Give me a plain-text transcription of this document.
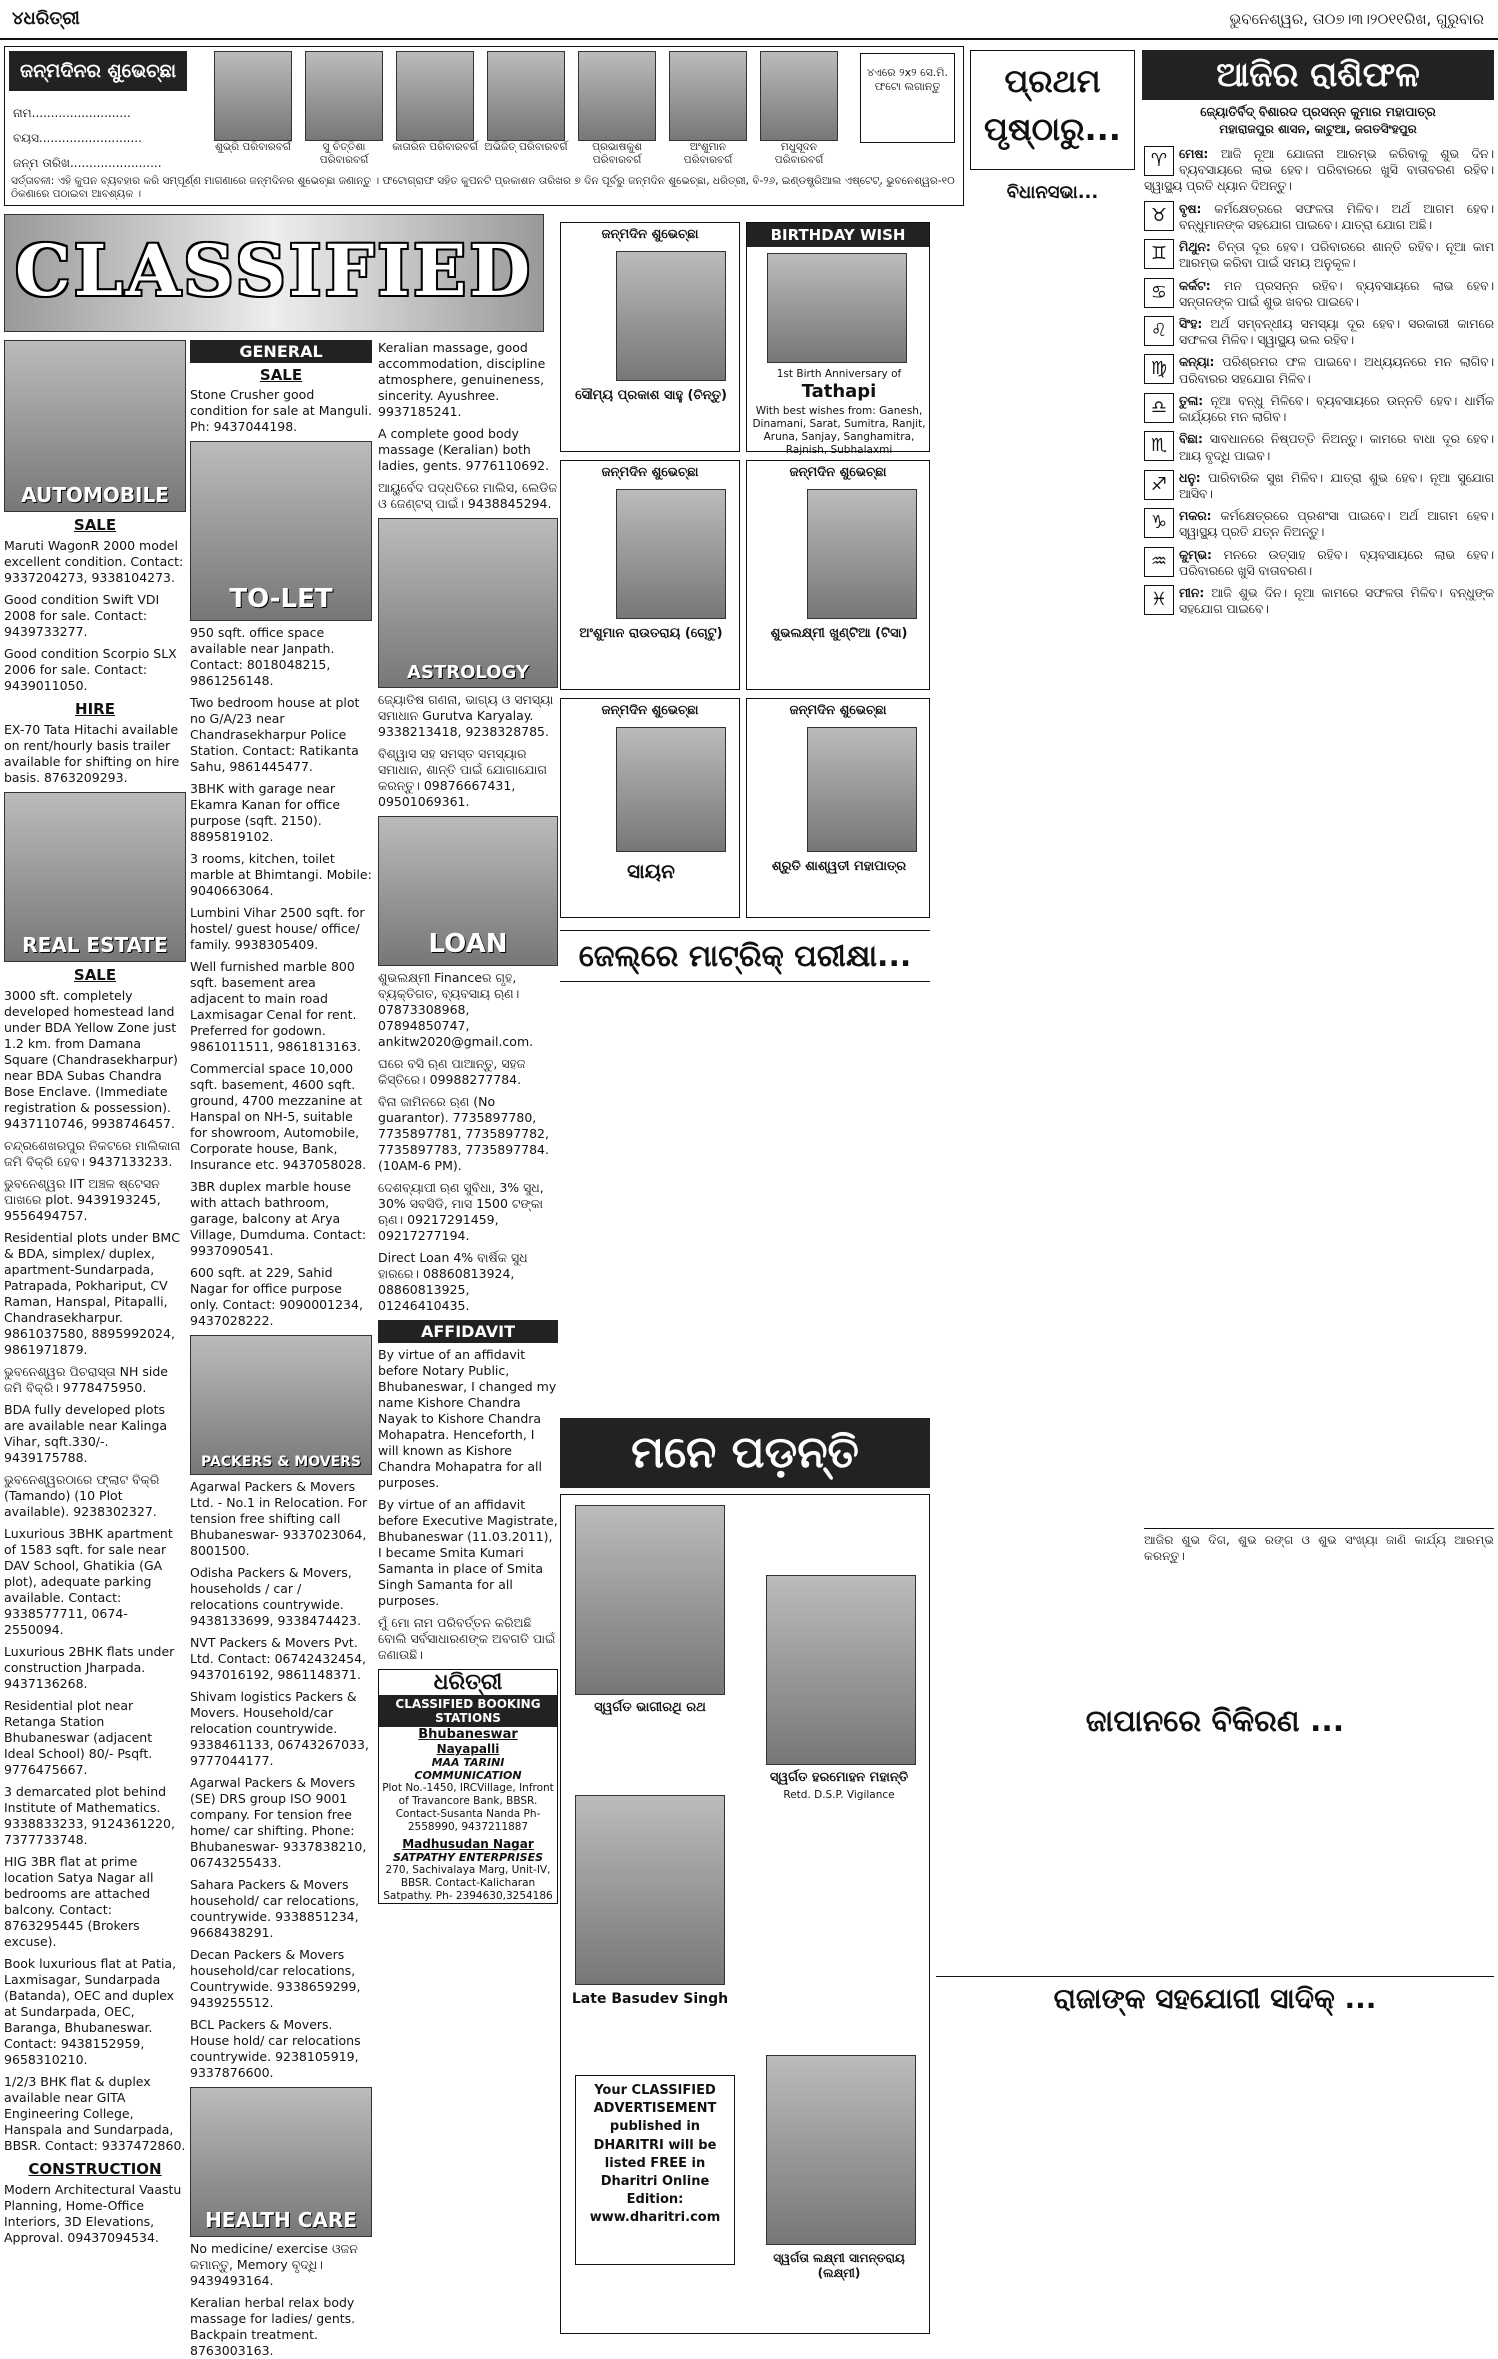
୪ଧରିତ୍ରୀ	ଭୁବନେଶ୍ୱର, ତା୦୭।୩।୨୦୧୧ରିଖ, ଗୁରୁବାର
ଜନ୍ମଦିନର ଶୁଭେଚ୍ଛା
ନାମ..........................
ବୟସ...........................
ଜନ୍ମ ତାରିଖ........................
ଶୁଭ୍ରି ପରିବାରବର୍ଗ	ସୁ ଚିତ୍ତିଶା ପରିବାରବର୍ଗ
କାତାରିନ ପରିବାରବର୍ଗ ଅଭିଜିତ୍ ପରିବାରବର୍ଗ	ପ୍ରଭାଷକୁଶ ପରିବାରବର୍ଗ
ଅଂଶୁମାନ ପରିବାରବର୍ଗ
ମଧୁସୂଦନ ପରିବାରବର୍ଗ
୪ଏରେ ୨x୨ ସେ.ମି. ଫଟୋ ଲଗାନ୍ତୁ
ସର୍ତ୍ତାବଳୀ: ଏହି କୁପନ ବ୍ୟବହାର କରି ସମ୍ପୂର୍ଣ୍ଣ ମାଗଣାରେ ଜନ୍ମଦିନର ଶୁଭେଚ୍ଛା ଜଣାନ୍ତୁ । ଫଟୋଗ୍ରାଫ ସହିତ କୁପନଟି ପ୍ରକାଶନ ତାରିଖର ୭ ଦିନ ପୂର୍ବରୁ ଜନ୍ମଦିନ ଶୁଭେଚ୍ଛା, ଧରିତ୍ରୀ, ବି-୨୬, ଇଣ୍ଡଷ୍ଟ୍ରିଆଲ ଏଷ୍ଟେଟ୍, ଭୁବନେଶ୍ୱର-୧୦ ଠିକଣାରେ ପଠାଇବା ଆବଶ୍ୟକ ।
ପ୍ରଥମ ପୃଷ୍ଠାରୁ...
ବିଧାନସଭା...
ଆଜିର ରାଶିଫଳ
ଜ୍ୟୋତିର୍ବିଦ୍ ବିଶାରଦ ପ୍ରସନ୍ନ କୁମାର ମହାପାତ୍ର
ମହାରାଜପୁର ଶାସନ, କାଟୁଆ, ଜଗତସିଂହପୁର
♈ ମେଷ: ଆଜି ନୂଆ ଯୋଜନା ଆରମ୍ଭ କରିବାକୁ ଶୁଭ ଦିନ। ବ୍ୟବସାୟରେ ଲାଭ ହେବ। ପରିବାରରେ ଖୁସି ବାତାବରଣ ରହିବ। ସ୍ୱାସ୍ଥ୍ୟ ପ୍ରତି ଧ୍ୟାନ ଦିଅନ୍ତୁ।
♉ ବୃଷ: କର୍ମକ୍ଷେତ୍ରରେ ସଫଳତା ମିଳିବ। ଅର୍ଥ ଆଗମ ହେବ। ବନ୍ଧୁମାନଙ୍କ ସହଯୋଗ ପାଇବେ। ଯାତ୍ରା ଯୋଗ ଅଛି।
♊ ମିଥୁନ: ଚିନ୍ତା ଦୂର ହେବ। ପରିବାରରେ ଶାନ୍ତି ରହିବ। ନୂଆ କାମ ଆରମ୍ଭ କରିବା ପାଇଁ ସମୟ ଅନୁକୂଳ।
♋ କର୍କଟ: ମନ ପ୍ରସନ୍ନ ରହିବ। ବ୍ୟବସାୟରେ ଲାଭ ହେବ। ସନ୍ତାନଙ୍କ ପାଇଁ ଶୁଭ ଖବର ପାଇବେ।
♌ ସିଂହ: ଅର୍ଥ ସମ୍ବନ୍ଧୀୟ ସମସ୍ୟା ଦୂର ହେବ। ସରକାରୀ କାମରେ ସଫଳତା ମିଳିବ। ସ୍ୱାସ୍ଥ୍ୟ ଭଲ ରହିବ।
♍ କନ୍ୟା: ପରିଶ୍ରମର ଫଳ ପାଇବେ। ଅଧ୍ୟୟନରେ ମନ ଲାଗିବ। ପରିବାରର ସହଯୋଗ ମିଳିବ।
♎ ତୁଳା: ନୂଆ ବନ୍ଧୁ ମିଳିବେ। ବ୍ୟବସାୟରେ ଉନ୍ନତି ହେବ। ଧାର୍ମିକ କାର୍ଯ୍ୟରେ ମନ ଲାଗିବ।
♏ ବିଛା: ସାବଧାନରେ ନିଷ୍ପତ୍ତି ନିଅନ୍ତୁ। କାମରେ ବାଧା ଦୂର ହେବ। ଆୟ ବୃଦ୍ଧି ପାଇବ।
♐ ଧନୁ: ପାରିବାରିକ ସୁଖ ମିଳିବ। ଯାତ୍ରା ଶୁଭ ହେବ। ନୂଆ ସୁଯୋଗ ଆସିବ।
♑ ମକର: କର୍ମକ୍ଷେତ୍ରରେ ପ୍ରଶଂସା ପାଇବେ। ଅର୍ଥ ଆଗମ ହେବ। ସ୍ୱାସ୍ଥ୍ୟ ପ୍ରତି ଯତ୍ନ ନିଅନ୍ତୁ।
♒ କୁମ୍ଭ: ମନରେ ଉତ୍ସାହ ରହିବ। ବ୍ୟବସାୟରେ ଲାଭ ହେବ। ପରିବାରରେ ଖୁସି ବାତାବରଣ।
♓ ମୀନ: ଆଜି ଶୁଭ ଦିନ। ନୂଆ କାମରେ ସଫଳତା ମିଳିବ। ବନ୍ଧୁଙ୍କ ସହଯୋଗ ପାଇବେ।
ଆଜିର ଶୁଭ ଦିଗ, ଶୁଭ ରଙ୍ଗ ଓ ଶୁଭ ସଂଖ୍ୟା ଜାଣି କାର୍ଯ୍ୟ ଆରମ୍ଭ କରନ୍ତୁ।
CLASSIFIED
AUTOMOBILE
SALE
Maruti WagonR 2000 model excellent condition. Contact: 9337204273, 9338104273.
Good condition Swift VDI 2008 for sale. Contact: 9439733277.
Good condition Scorpio SLX 2006 for sale. Contact: 9439011050.
HIRE
EX-70 Tata Hitachi available on rent/hourly basis trailer available for shifting on hire basis. 8763209293.
REAL ESTATE
SALE
3000 sft. completely developed homestead land under BDA Yellow Zone just 1.2 km. from Damana Square (Chandrasekharpur) near BDA Subas Chandra Bose Enclave. (Immediate registration & possession). 9437110746, 9938746457.
ଚନ୍ଦ୍ରଶେଖରପୁର ନିକଟରେ ମାଲିକାନା ଜମି ବିକ୍ରି ହେବ। 9437133233.
ଭୁବନେଶ୍ୱର IIT ଅଞ୍ଚଳ ଷ୍ଟେସନ ପାଖରେ plot. 9439193245, 9556494757.
Residential plots under BMC & BDA, simplex/ duplex, apartment-Sundarpada, Patrapada, Pokhariput, CV Raman, Hanspal, Pitapalli, Chandrasekharpur. 9861037580, 8895992024, 9861971879.
ଭୁବନେଶ୍ୱର ପିଚରାସ୍ତା NH side ଜମି ବିକ୍ରି। 9778475950.
BDA fully developed plots are available near Kalinga Vihar, sqft.330/-. 9439175788.
ଭୁବନେଶ୍ୱରଠାରେ ଫ୍ଲାଟ ବିକ୍ରି (Tamando) (10 Plot available). 9238302327.
Luxurious 3BHK apartment of 1583 sqft. for sale near DAV School, Ghatikia (GA plot), adequate parking available. Contact: 9338577711, 0674-2550094.
Luxurious 2BHK flats under construction Jharpada. 9437136268.
Residential plot near Retanga Station Bhubaneswar (adjacent Ideal School) 80/- Psqft. 9776475667.
3 demarcated plot behind Institute of Mathematics. 9338833233, 9124361220, 7377733748.
HIG 3BR flat at prime location Satya Nagar all bedrooms are attached balcony. Contact: 8763295445 (Brokers excuse).
Book luxurious flat at Patia, Laxmisagar, Sundarpada (Batanda), OEC and duplex at Sundarpada, OEC, Baranga, Bhubaneswar. Contact: 9438152959, 9658310210.
1/2/3 BHK flat & duplex available near GITA Engineering College, Hanspala and Sundarpada, BBSR. Contact: 9337472860.
CONSTRUCTION
Modern Architectural Vaastu Planning, Home-Office Interiors, 3D Elevations, Approval. 09437094534.
GENERAL
SALE
Stone Crusher good condition for sale at Manguli. Ph: 9437044198.
TO-LET
950 sqft. office space available near Janpath. Contact: 8018048215, 9861256148.
Two bedroom house at plot no G/A/23 near Chandrasekharpur Police Station. Contact: Ratikanta Sahu, 9861445477.
3BHK with garage near Ekamra Kanan for office purpose (sqft. 2150). 8895819102.
3 rooms, kitchen, toilet marble at Bhimtangi. Mobile: 9040663064.
Lumbini Vihar 2500 sqft. for hostel/ guest house/ office/ family. 9938305409.
Well furnished marble 800 sqft. basement area adjacent to main road Laxmisagar Cenal for rent. Preferred for godown. 9861011511, 9861813163.
Commercial space 10,000 sqft. basement, 4600 sqft. ground, 4700 mezzanine at Hanspal on NH-5, suitable for showroom, Automobile, Corporate house, Bank, Insurance etc. 9437058028.
3BR duplex marble house with attach bathroom, garage, balcony at Arya Village, Dumduma. Contact: 9937090541.
600 sqft. at 229, Sahid Nagar for office purpose only. Contact: 9090001234, 9437028222.
PACKERS & MOVERS
Agarwal Packers & Movers Ltd. - No.1 in Relocation. For tension free shifting call Bhubaneswar- 9337023064, 8001500.
Odisha Packers & Movers, households / car / relocations countrywide. 9438133699, 9338474423.
NVT Packers & Movers Pvt. Ltd. Contact: 06742432454, 9437016192, 9861148371.
Shivam logistics Packers & Movers. Household/car relocation countrywide. 9338461133, 06743267033, 9777044177.
Agarwal Packers & Movers (SE) DRS group ISO 9001 company. For tension free home/ car shifting. Phone: Bhubaneswar- 9337838210, 06743255433.
Sahara Packers & Movers household/ car relocations, countrywide. 9338851234, 9668438291.
Decan Packers & Movers household/car relocations, Countrywide. 9338659299, 9439255512.
BCL Packers & Movers. House hold/ car relocations countrywide. 9238105919, 9337876600.
HEALTH CARE
No medicine/ exercise ଓଜନ କମାନ୍ତୁ, Memory ବୃଦ୍ଧି। 9439493164.
Keralian herbal relax body massage for ladies/ gents. Backpain treatment. 8763003163.
Keralian massage, good accommodation, discipline atmosphere, genuineness, sincerity. Ayushree. 9937185241.
A complete good body massage (Keralian) both ladies, gents. 9776110692.
ଆୟୁର୍ବେଦ ପଦ୍ଧତିରେ ମାଲିସ, ଲେଡିଜ ଓ ଜେଣ୍ଟସ୍ ପାଇଁ। 9438845294.
ASTROLOGY
ଜ୍ୟୋତିଷ ଗଣନା, ଭାଗ୍ୟ ଓ ସମସ୍ୟା ସମାଧାନ Gurutva Karyalay. 9338213418, 9238328785.
ବିଶ୍ୱାସ ସହ ସମସ୍ତ ସମସ୍ୟାର ସମାଧାନ, ଶାନ୍ତି ପାଇଁ ଯୋଗାଯୋଗ କରନ୍ତୁ। 09876667431, 09501069361.
LOAN
ଶୁଭଲକ୍ଷ୍ମୀ Financeର ଗୃହ, ବ୍ୟକ୍ତିଗତ, ବ୍ୟବସାୟ ଋଣ। 07873308968, 07894850747, ankitw2020@gmail.com.
ଘରେ ବସି ଋଣ ପାଆନ୍ତୁ, ସହଜ କିସ୍ତିରେ। 09988277784.
ବିନା ଜାମିନରେ ଋଣ (No guarantor). 7735897780, 7735897781, 7735897782, 7735897783, 7735897784. (10AM-6 PM).
ଦେଶବ୍ୟାପୀ ଋଣ ସୁବିଧା, 3% ସୁଧ, 30% ସବସିଡି, ମାସ 1500 ଟଙ୍କା ଋଣ। 09217291459, 09217277194.
Direct Loan 4% ବାର୍ଷିକ ସୁଧ ହାରରେ। 08860813924, 08860813925, 01246410435.
AFFIDAVIT
By virtue of an affidavit before Notary Public, Bhubaneswar, I changed my name Kishore Chandra Nayak to Kishore Chandra Mohapatra. Henceforth, I will known as Kishore Chandra Mohapatra for all purposes.
By virtue of an affidavit before Executive Magistrate, Bhubaneswar (11.03.2011), I became Smita Kumari Samanta in place of Smita Singh Samanta for all purposes.
ମୁଁ ମୋ ନାମ ପରିବର୍ତ୍ତନ କରିଅଛି ବୋଲି ସର୍ବସାଧାରଣଙ୍କ ଅବଗତି ପାଇଁ ଜଣାଉଛି।
ଧରିତ୍ରୀ
CLASSIFIED BOOKING STATIONS
Bhubaneswar
Nayapalli
MAA TARINI COMMUNICATION
Plot No.-1450, IRCVillage, Infront of Travancore Bank, BBSR. Contact-Susanta Nanda Ph-2558990, 9437211887
Madhusudan Nagar
SATPATHY ENTERPRISES
270, Sachivalaya Marg, Unit-IV, BBSR. Contact-Kalicharan Satpathy. Ph- 2394630,3254186
ଜନ୍ମଦିନ ଶୁଭେଚ୍ଛା
ସୌମ୍ୟ ପ୍ରକାଶ ସାହୁ (ଚିନ୍ତୁ)
BIRTHDAY WISH
1st Birth Anniversary of
Tathapi
With best wishes from: Ganesh, Dinamani, Sarat, Sumitra, Ranjit, Aruna, Sanjay, Sanghamitra, Rajnish, Subhalaxmi
ଜନ୍ମଦିନ ଶୁଭେଚ୍ଛା
ଅଂଶୁମାନ ରାଉତରାୟ (ଚୋଟୁ)
ଜନ୍ମଦିନ ଶୁଭେଚ୍ଛା
ଶୁଭଲକ୍ଷ୍ମୀ ଖୁଣ୍ଟିଆ (ଟିସା)
ଜନ୍ମଦିନ ଶୁଭେଚ୍ଛା
ସାୟନ
ଜନ୍ମଦିନ ଶୁଭେଚ୍ଛା
ଶ୍ରୁତି ଶାଶ୍ୱତୀ ମହାପାତ୍ର
ଜେଲ୍‌ରେ ମାଟ୍ରିକ୍ ପରୀକ୍ଷା...
ମନେ ପଡ଼ନ୍ତି
ସ୍ୱର୍ଗତ ଭାଗୀରଥି ରଥ
ସ୍ୱର୍ଗତ ହରମୋହନ ମହାନ୍ତି
Retd. D.S.P. Vigilance
Late Basudev Singh
Your CLASSIFIED ADVERTISEMENT published in DHARITRI will be listed FREE in Dharitri Online Edition: www.dharitri.com
ସ୍ୱର୍ଗତା ଲକ୍ଷ୍ମୀ ସାମନ୍ତରାୟ (ଲକ୍ଷ୍ମୀ)
ଜାପାନରେ ବିକିରଣ ...
ରାଜାଙ୍କ ସହଯୋଗୀ ସାଦିକ୍ ...
